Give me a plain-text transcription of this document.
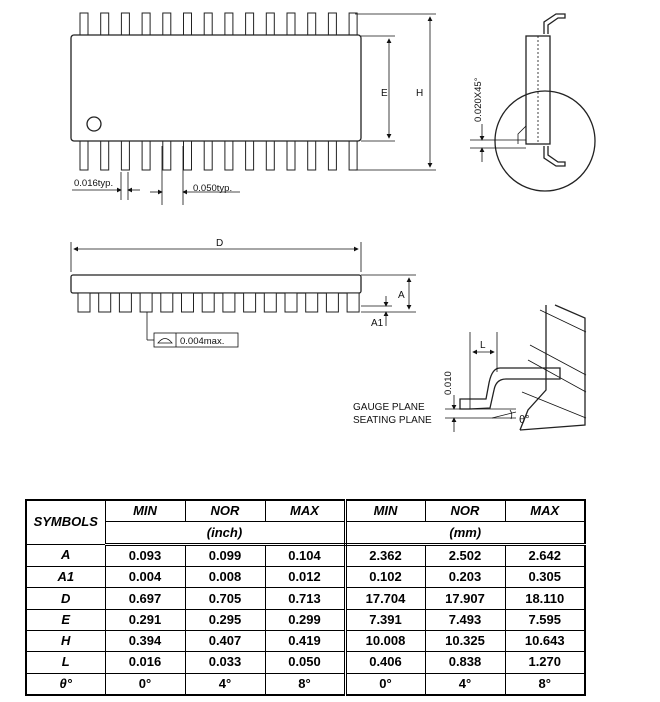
E	H
0.016typ.	0.050typ.
0.020X45°
D
A
A1
0.004max.
GAUGE PLANE
SEATING PLANE
L
0.010
θ°
SYMBOLS	MIN	NOR	MAX	MIN	NOR	MAX
	(inch)			(mm)		
A	0.093	0.099	0.104	2.362	2.502	2.642
A1	0.004	0.008	0.012	0.102	0.203	0.305
D	0.697	0.705	0.713	17.704	17.907	18.110
E	0.291	0.295	0.299	7.391	7.493	7.595
H	0.394	0.407	0.419	10.008	10.325	10.643
L	0.016	0.033	0.050	0.406	0.838	1.270
θ°	0°	4°	8°	0°	4°	8°
